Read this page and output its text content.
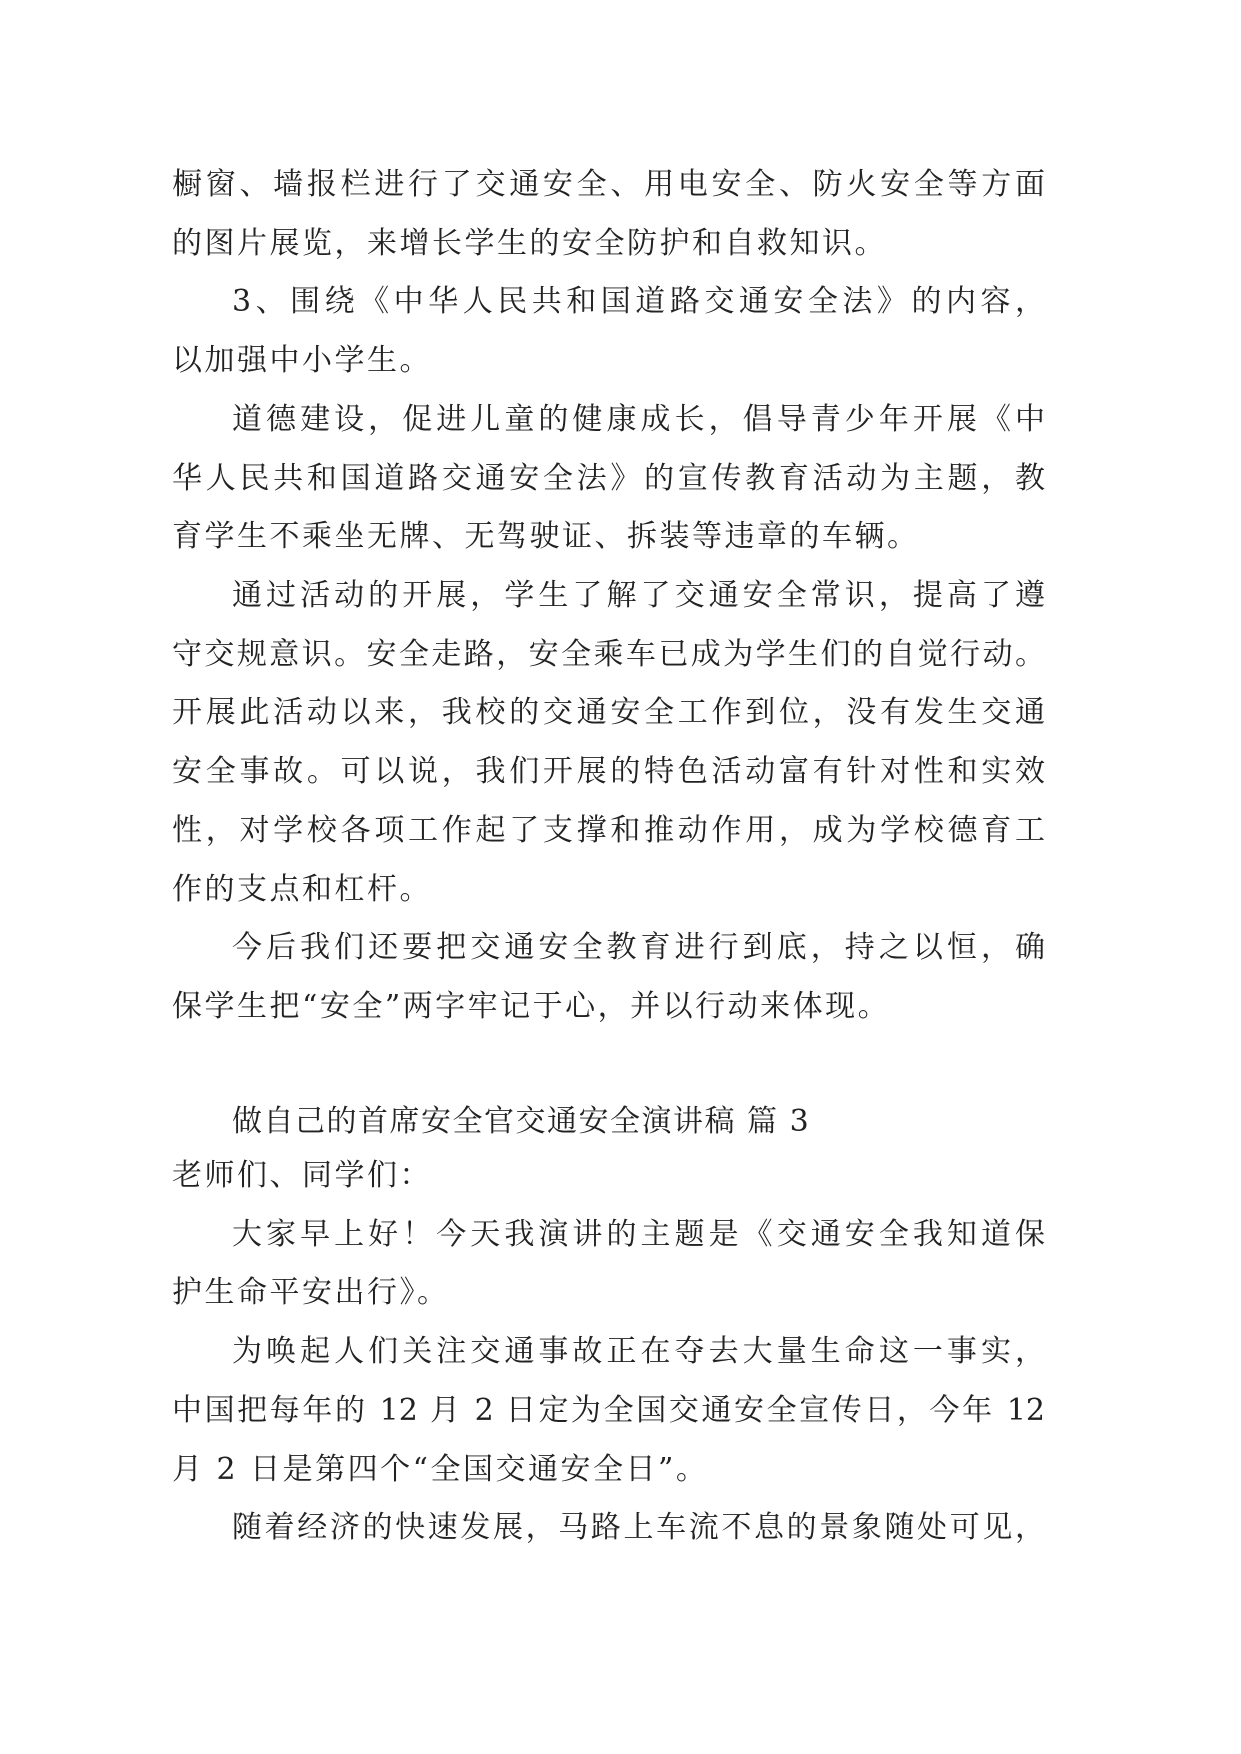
橱窗、墙报栏进行了交通安全、用电安全、防火安全等方面
的图片展览，来增长学生的安全防护和自救知识。
3、围绕《中华人民共和国道路交通安全法》的内容，
以加强中小学生。
道德建设，促进儿童的健康成长，倡导青少年开展《中
华人民共和国道路交通安全法》的宣传教育活动为主题，教
育学生不乘坐无牌、无驾驶证、拆装等违章的车辆。
通过活动的开展，学生了解了交通安全常识，提高了遵
守交规意识。安全走路，安全乘车已成为学生们的自觉行动。
开展此活动以来，我校的交通安全工作到位，没有发生交通
安全事故。可以说，我们开展的特色活动富有针对性和实效
性，对学校各项工作起了支撑和推动作用，成为学校德育工
作的支点和杠杆。
今后我们还要把交通安全教育进行到底，持之以恒，确
保学生把“安全”两字牢记于心，并以行动来体现。
做自己的首席安全官交通安全演讲稿 篇 3
老师们、同学们：
大家早上好！今天我演讲的主题是《交通安全我知道保
护生命平安出行》。
为唤起人们关注交通事故正在夺去大量生命这一事实，
中国把每年的 12 月 2 日定为全国交通安全宣传日，今年 12
月 2 日是第四个“全国交通安全日”。
随着经济的快速发展，马路上车流不息的景象随处可见，
